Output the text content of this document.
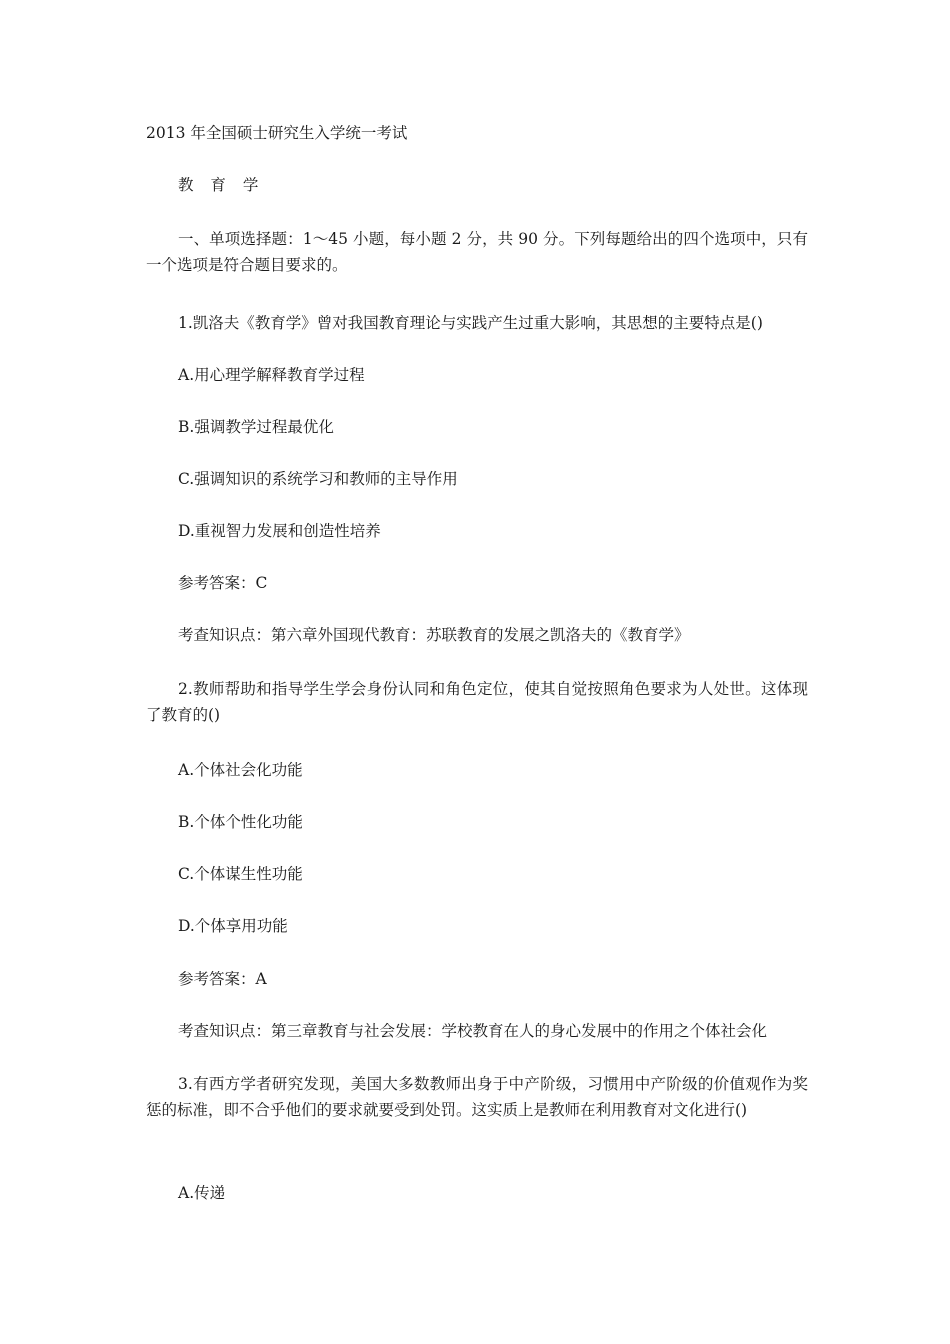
2013 年全国硕士研究生入学统一考试

教 育 学

一、单项选择题：1～45 小题，每小题 2 分，共 90 分。下列每题给出的四个选项中，只有一个选项是符合题目要求的。

1.凯洛夫《教育学》曾对我国教育理论与实践产生过重大影响，其思想的主要特点是()

A.用心理学解释教育学过程

B.强调教学过程最优化

C.强调知识的系统学习和教师的主导作用

D.重视智力发展和创造性培养

参考答案：C

考查知识点：第六章外国现代教育：苏联教育的发展之凯洛夫的《教育学》

2.教师帮助和指导学生学会身份认同和角色定位，使其自觉按照角色要求为人处世。这体现了教育的()

A.个体社会化功能

B.个体个性化功能

C.个体谋生性功能

D.个体享用功能

参考答案：A

考查知识点：第三章教育与社会发展：学校教育在人的身心发展中的作用之个体社会化

3.有西方学者研究发现，美国大多数教师出身于中产阶级，习惯用中产阶级的价值观作为奖惩的标准，即不合乎他们的要求就要受到处罚。这实质上是教师在利用教育对文化进行()

A.传递
